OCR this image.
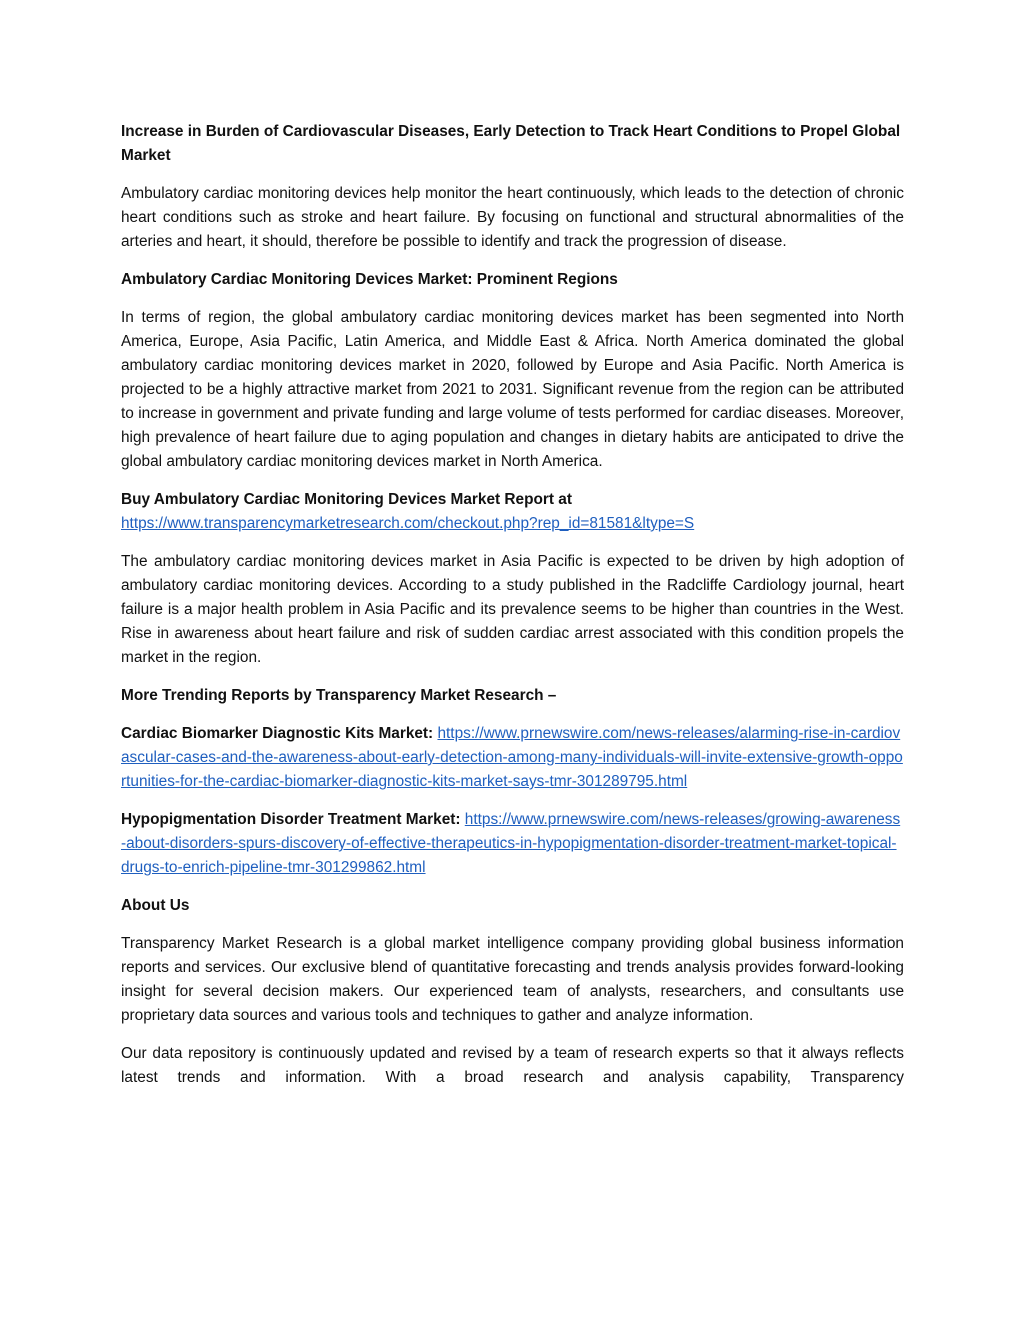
Increase in Burden of Cardiovascular Diseases, Early Detection to Track Heart Conditions to Propel Global Market

Ambulatory cardiac monitoring devices help monitor the heart continuously, which leads to the detection of chronic heart conditions such as stroke and heart failure. By focusing on functional and structural abnormalities of the arteries and heart, it should, therefore be possible to identify and track the progression of disease.

Ambulatory Cardiac Monitoring Devices Market: Prominent Regions

In terms of region, the global ambulatory cardiac monitoring devices market has been segmented into North America, Europe, Asia Pacific, Latin America, and Middle East & Africa. North America dominated the global ambulatory cardiac monitoring devices market in 2020, followed by Europe and Asia Pacific. North America is projected to be a highly attractive market from 2021 to 2031. Significant revenue from the region can be attributed to increase in government and private funding and large volume of tests performed for cardiac diseases. Moreover, high prevalence of heart failure due to aging population and changes in dietary habits are anticipated to drive the global ambulatory cardiac monitoring devices market in North America.

Buy Ambulatory Cardiac Monitoring Devices Market Report at

https://www.transparencymarketresearch.com/checkout.php?rep_id=81581&ltype=S

The ambulatory cardiac monitoring devices market in Asia Pacific is expected to be driven by high adoption of ambulatory cardiac monitoring devices. According to a study published in the Radcliffe Cardiology journal, heart failure is a major health problem in Asia Pacific and its prevalence seems to be higher than countries in the West. Rise in awareness about heart failure and risk of sudden cardiac arrest associated with this condition propels the market in the region.

More Trending Reports by Transparency Market Research –

Cardiac Biomarker Diagnostic Kits Market: https://www.prnewswire.com/news-releases/alarming-rise-in-cardiovascular-cases-and-the-awareness-about-early-detection-among-many-individuals-will-invite-extensive-growth-opportunities-for-the-cardiac-biomarker-diagnostic-kits-market-says-tmr-301289795.html

Hypopigmentation Disorder Treatment Market: https://www.prnewswire.com/news-releases/growing-awareness-about-disorders-spurs-discovery-of-effective-therapeutics-in-hypopigmentation-disorder-treatment-market-topical-drugs-to-enrich-pipeline-tmr-301299862.html

About Us

Transparency Market Research is a global market intelligence company providing global business information reports and services. Our exclusive blend of quantitative forecasting and trends analysis provides forward-looking insight for several decision makers. Our experienced team of analysts, researchers, and consultants use proprietary data sources and various tools and techniques to gather and analyze information.

Our data repository is continuously updated and revised by a team of research experts so that it always reflects latest trends and information. With a broad research and analysis capability, Transparency
